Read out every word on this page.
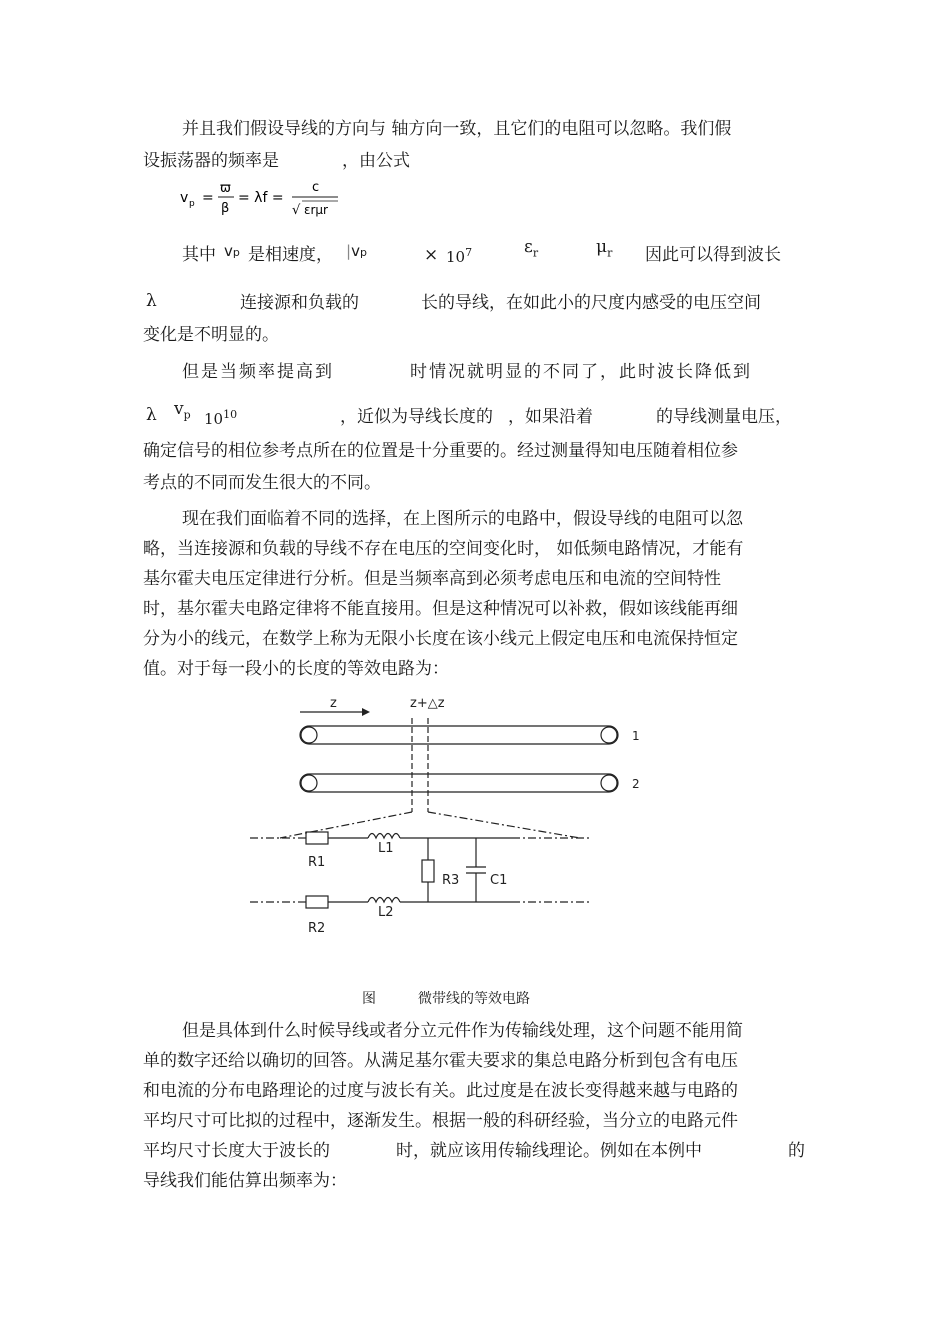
并且我们假设导线的方向与 轴方向一致，且它们的电阻可以忽略。我们假
设振荡器的频率是	，由公式
v p =
ϖ
β
= λf =
c
√ εrμr
其中 vp 是相速度， |vp	× $10^7$	$\varepsilon_r$	$\mu_r$ 因此可以得到波长
λ	连接源和负载的	长的导线，在如此小的尺度内感受的电压空间
变化是不明显的。
但是当频率提高到	时情况就明显的不同了，此时波长降低到
λ $v_p$ $10^{10}$	，近似为导线长度的 ，如果沿着	的导线测量电压，
确定信号的相位参考点所在的位置是十分重要的。经过测量得知电压随着相位参
考点的不同而发生很大的不同。
现在我们面临着不同的选择，在上图所示的电路中，假设导线的电阻可以忽
略，当连接源和负载的导线不存在电压的空间变化时， 如低频电路情况，才能有
基尔霍夫电压定律进行分析。但是当频率高到必须考虑电压和电流的空间特性
时，基尔霍夫电路定律将不能直接用。但是这种情况可以补救，假如该线能再细
分为小的线元，在数学上称为无限小长度在该小线元上假定电压和电流保持恒定
值。对于每一段小的长度的等效电路为：
z	z+△z
1
2
R1
L1
R3 C1
R2
L2
图	微带线的等效电路
但是具体到什么时候导线或者分立元件作为传输线处理，这个问题不能用简
单的数字还给以确切的回答。从满足基尔霍夫要求的集总电路分析到包含有电压
和电流的分布电路理论的过度与波长有关。此过度是在波长变得越来越与电路的
平均尺寸可比拟的过程中，逐渐发生。根据一般的科研经验，当分立的电路元件
平均尺寸长度大于波长的	时，就应该用传输线理论。例如在本例中	的
导线我们能估算出频率为：
